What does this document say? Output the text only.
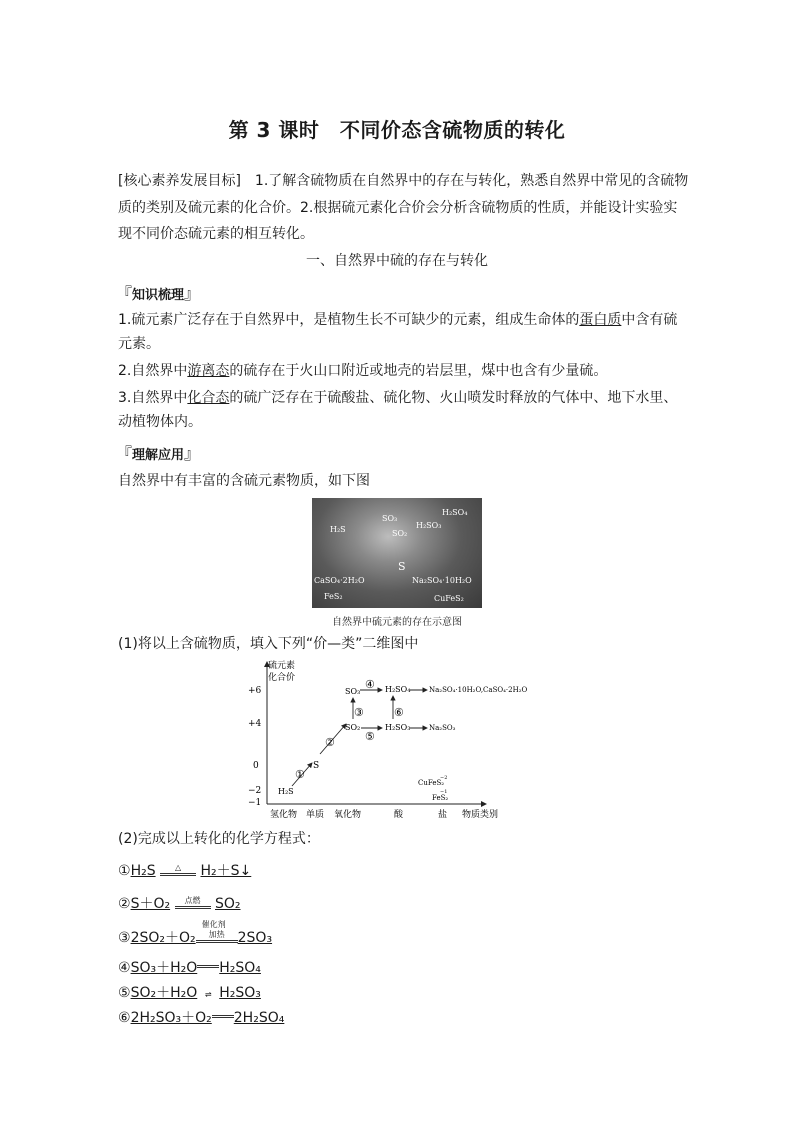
第 3 课时　不同价态含硫物质的转化
[核心素养发展目标]　1.了解含硫物质在自然界中的存在与转化，熟悉自然界中常见的含硫物
质的类别及硫元素的化合价。2.根据硫元素化合价会分析含硫物质的性质，并能设计实验实
现不同价态硫元素的相互转化。
一、自然界中硫的存在与转化
『知识梳理』
1.硫元素广泛存在于自然界中，是植物生长不可缺少的元素，组成生命体的蛋白质中含有硫
元素。
2.自然界中游离态的硫存在于火山口附近或地壳的岩层里，煤中也含有少量硫。
3.自然界中化合态的硫广泛存在于硫酸盐、硫化物、火山喷发时释放的气体中、地下水里、
动植物体内。
『理解应用』
自然界中有丰富的含硫元素物质，如下图
H₂S
SO₃
SO₂
H₂SO₃
H₂SO₄
S
CaSO₄·2H₂O	Na₂SO₄·10H₂O
FeS₂	CuFeS₂
自然界中硫元素的存在示意图
(1)将以上含硫物质，填入下列“价—类”二维图中
硫元素
化合价
+6
+4
0
−2
−1
氢化物 单质 氧化物	酸	盐 物质类别
H₂S
S
SO₂
SO₃
H₂SO₃
H₂SO₄	Na₂SO₄·10H₂O,CaSO₄·2H₂O
Na₂SO₃
CuFeS₂
FeS₂
−2
−1
①
②
③
④
⑤
⑥
(2)完成以上转化的化学方程式：
①H₂S △ H₂＋S↓
②S＋O₂ 点燃 SO₂
③2SO₂＋O₂
催化剂
加热 2SO₃
④SO₃＋H₂O H₂SO₄
⑤SO₂＋H₂O ⇌ H₂SO₃
⑥2H₂SO₃＋O₂ 2H₂SO₄
